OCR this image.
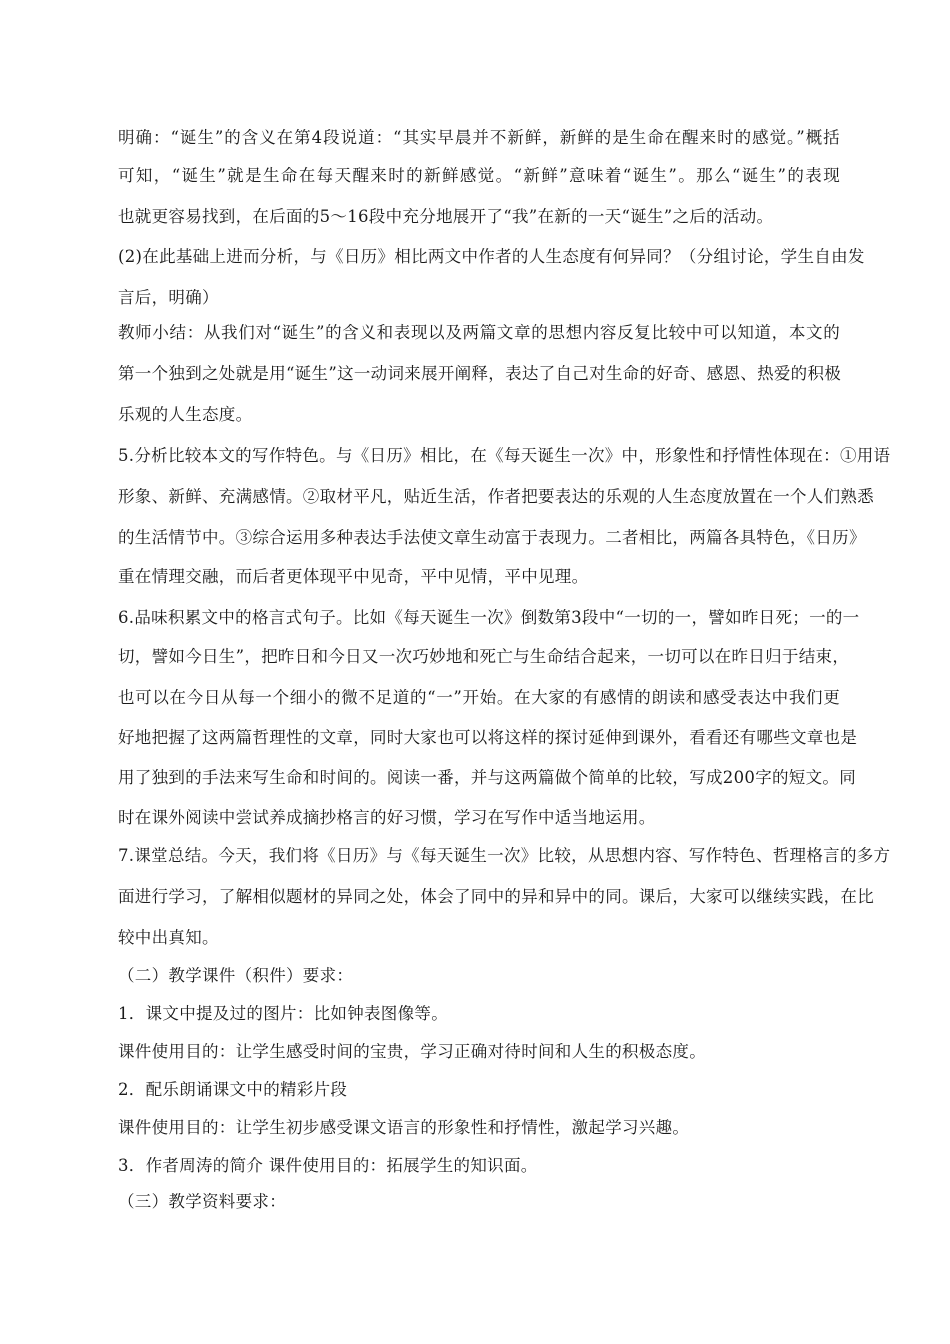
明确：“诞生”的含义在第4段说道：“其实早晨并不新鲜，新鲜的是生命在醒来时的感觉。”概括
可知，“诞生”就是生命在每天醒来时的新鲜感觉。“新鲜”意味着“诞生”。那么“诞生”的表现
也就更容易找到，在后面的5～16段中充分地展开了“我”在新的一天“诞生”之后的活动。
(2)在此基础上进而分析，与《日历》相比两文中作者的人生态度有何异同？（分组讨论，学生自由发
言后，明确）
教师小结：从我们对“诞生”的含义和表现以及两篇文章的思想内容反复比较中可以知道，本文的
第一个独到之处就是用“诞生”这一动词来展开阐释，表达了自己对生命的好奇、感恩、热爱的积极
乐观的人生态度。
5.分析比较本文的写作特色。与《日历》相比，在《每天诞生一次》中，形象性和抒情性体现在：①用语
形象、新鲜、充满感情。②取材平凡，贴近生活，作者把要表达的乐观的人生态度放置在一个人们熟悉
的生活情节中。③综合运用多种表达手法使文章生动富于表现力。二者相比，两篇各具特色，《日历》
重在情理交融，而后者更体现平中见奇，平中见情，平中见理。
6.品味积累文中的格言式句子。比如《每天诞生一次》倒数第3段中“一切的一，譬如昨日死；一的一
切，譬如今日生”，把昨日和今日又一次巧妙地和死亡与生命结合起来，一切可以在昨日归于结束，
也可以在今日从每一个细小的微不足道的“一”开始。在大家的有感情的朗读和感受表达中我们更
好地把握了这两篇哲理性的文章，同时大家也可以将这样的探讨延伸到课外，看看还有哪些文章也是
用了独到的手法来写生命和时间的。阅读一番，并与这两篇做个简单的比较，写成200字的短文。同
时在课外阅读中尝试养成摘抄格言的好习惯，学习在写作中适当地运用。
7.课堂总结。今天，我们将《日历》与《每天诞生一次》比较，从思想内容、写作特色、哲理格言的多方
面进行学习，了解相似题材的异同之处，体会了同中的异和异中的同。课后，大家可以继续实践，在比
较中出真知。
（二）教学课件（积件）要求：
1．课文中提及过的图片：比如钟表图像等。
课件使用目的：让学生感受时间的宝贵，学习正确对待时间和人生的积极态度。
2．配乐朗诵课文中的精彩片段
课件使用目的：让学生初步感受课文语言的形象性和抒情性，激起学习兴趣。
3．作者周涛的简介 课件使用目的：拓展学生的知识面。
（三）教学资料要求：
